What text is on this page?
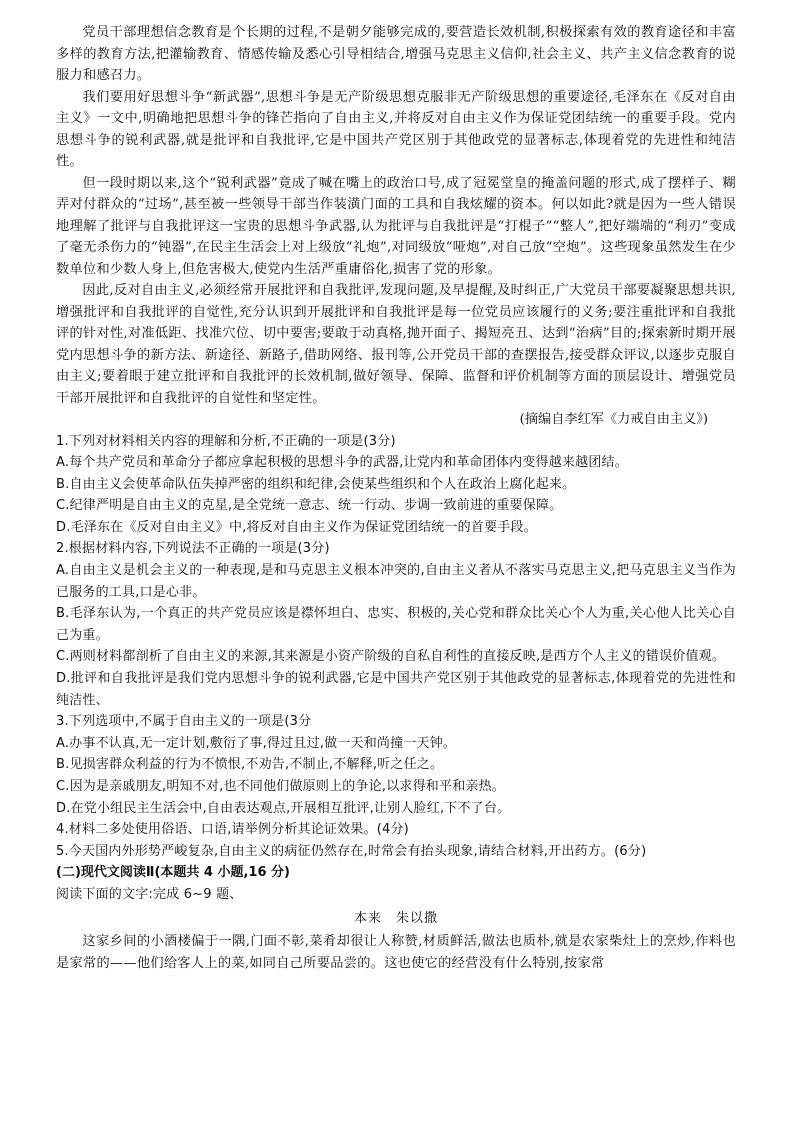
党员干部理想信念教育是个长期的过程,不是朝夕能够完成的,要营造长效机制,积极探索有效的教育途径和丰富多样的教育方法,把灌输教育、情感传输及悉心引导相结合,增强马克思主义信仰,社会主义、共产主义信念教育的说服力和感召力。

我们要用好思想斗争“新武器”,思想斗争是无产阶级思想克服非无产阶级思想的重要途径,毛泽东在《反对自由主义》一文中,明确地把思想斗争的锋芒指向了自由主义,并将反对自由主义作为保证党团结统一的重要手段。党内思想斗争的锐利武器,就是批评和自我批评,它是中国共产党区别于其他政党的显著标志,体现着党的先进性和纯洁性。

但一段时期以来,这个“锐利武器”竟成了喊在嘴上的政治口号,成了冠冕堂皇的掩盖问题的形式,成了摆样子、糊弄对付群众的“过场”,甚至被一些领导干部当作装潢门面的工具和自我炫耀的资本。何以如此?就是因为一些人错误地理解了批评与自我批评这一宝贵的思想斗争武器,认为批评与自我批评是“打棍子”“整人”,把好端端的“利刃”变成了毫无杀伤力的“钝器”,在民主生活会上对上级放“礼炮”,对同级放“哑炮”,对自己放“空炮”。这些现象虽然发生在少数单位和少数人身上,但危害极大,使党内生活严重庸俗化,损害了党的形象。

因此,反对自由主义,必须经常开展批评和自我批评,发现问题,及早提醒,及时纠正,广大党员干部要凝聚思想共识,增强批评和自我批评的自觉性,充分认识到开展批评和自我批评是每一位党员应该履行的义务;要注重批评和自我批评的针对性,对准低距、找准穴位、切中要害;要敢于动真格,抛开面子、揭短亮丑、达到“治病”目的;探索新时期开展党内思想斗争的新方法、新途径、新路子,借助网络、报刊等,公开党员干部的查摆报告,接受群众评议,以逐步克服自由主义;要着眼于建立批评和自我批评的长效机制,做好领导、保障、监督和评价机制等方面的顶层设计、增强党员干部开展批评和自我批评的自觉性和坚定性。

(摘编自李红军《力戒自由主义》)

1.下列对材料相关内容的理解和分析,不正确的一项是(3分)

A.每个共产党员和革命分子都应拿起积极的思想斗争的武器,让党内和革命团体内变得越来越团结。

B.自由主义会使革命队伍失掉严密的组织和纪律,会使某些组织和个人在政治上腐化起来。

C.纪律严明是自由主义的克星,是全党统一意志、统一行动、步调一致前进的重要保障。

D.毛泽东在《反对自由主义》中,将反对自由主义作为保证党团结统一的首要手段。

2.根据材料内容,下列说法不正确的一项是(3分)

A.自由主义是机会主义的一种表现,是和马克思主义根本冲突的,自由主义者从不落实马克思主义,把马克思主义当作为已服务的工具,口是心非。

B.毛泽东认为,一个真正的共产党员应该是襟怀坦白、忠实、积极的,关心党和群众比关心个人为重,关心他人比关心自己为重。

C.两则材料都剖析了自由主义的来源,其来源是小资产阶级的自私自利性的直接反映,是西方个人主义的错误价值观。

D.批评和自我批评是我们党内思想斗争的锐利武器,它是中国共产党区别于其他政党的显著标志,体现着党的先进性和纯洁性、

3.下列选项中,不属于自由主义的一项是(3分

A.办事不认真,无一定计划,敷衍了事,得过且过,做一天和尚撞一天钟。

B.见损害群众利益的行为不愤恨,不劝告,不制止,不解释,听之任之。

C.因为是亲戚朋友,明知不对,也不同他们做原则上的争论,以求得和平和亲热。

D.在党小组民主生活会中,自由表达观点,开展相互批评,让别人脸红,下不了台。

4.材料二多处使用俗语、口语,请举例分析其论证效果。(4分)

5.今天国内外形势严峻复杂,自由主义的病征仍然存在,时常会有抬头现象,请结合材料,开出药方。(6分)

(二)现代文阅读Ⅱ(本题共 4 小题,16 分)

阅读下面的文字:完成 6~9 题、

本来 朱以撒

这家乡间的小酒楼偏于一隅,门面不彰,菜肴却很让人称赞,材质鲜活,做法也质朴,就是农家柴灶上的烹炒,作料也是家常的——他们给客人上的菜,如同自己所要品尝的。这也使它的经营没有什么特别,按家常
